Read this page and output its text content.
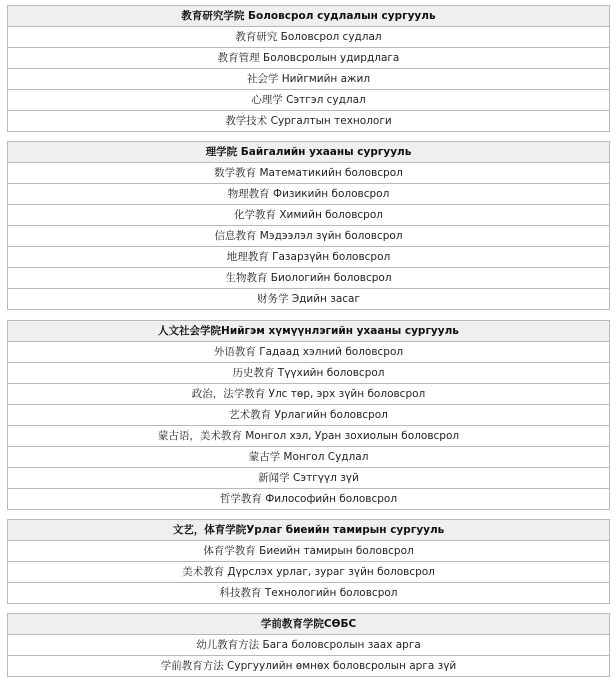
教育研究学院 Боловсрол судлалын сургууль
教育研究 Боловсрол судлал
教育管理 Боловсролын удирдлага
社会学 Нийгмийн ажил
心理学 Сэтгэл судлал
教学技术 Сургалтын технологи
理学院 Байгалийн ухааны сургууль
数学教育 Математикийн боловсрол
物理教育 Физикийн боловсрол
化学教育 Химийн боловсрол
信息教育 Мэдээлэл зүйн боловсрол
地理教育 Газарзүйн боловсрол
生物教育 Биологийн боловсрол
财务学 Эдийн засаг
人文社会学院Нийгэм хүмүүнлэгийн ухааны сургууль
外语教育 Гадаад хэлний боловсрол
历史教育 Түүхийн боловсрол
政治，法学教育 Улс төр, эрх зүйн боловсрол
艺术教育 Урлагийн боловсрол
蒙古语，美术教育 Монгол хэл, Уран зохиолын боловсрол
蒙古学 Монгол Судлал
新闻学 Сэтгүүл зүй
哲学教育 Философийн боловсрол
文艺，体育学院Урлаг биеийн тамирын сургууль
体育学教育 Биеийн тамирын боловсрол
美术教育 Дүрслэх урлаг, зураг зүйн боловсрол
科技教育 Технологийн боловсрол
学前教育学院СӨБС
幼儿教育方法 Бага боловсролын заах арга
学前教育方法 Сургуулийн өмнөх боловсролын арга зүй
